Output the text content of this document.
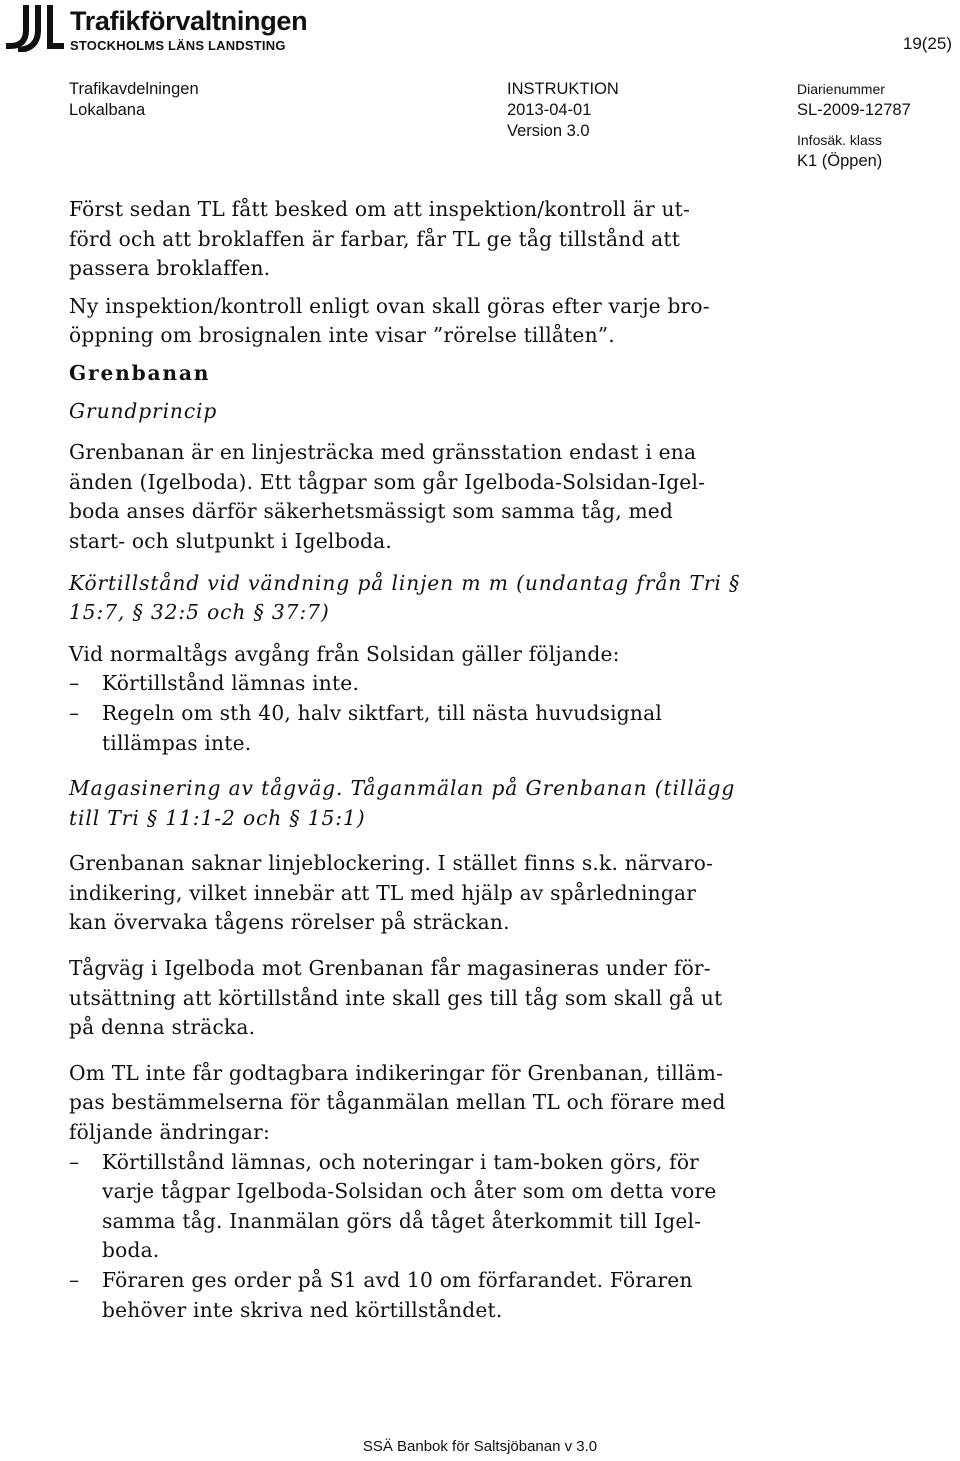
Trafikförvaltningen
STOCKHOLMS LÄNS LANDSTING	19(25)
Trafikavdelningen
Lokalbana
INSTRUKTION
2013-04-01
Version 3.0
Diarienummer
SL-2009-12787
Infosäk. klass
K1 (Öppen)

Först sedan TL fått besked om att inspektion/kontroll är ut-
förd och att broklaffen är farbar, får TL ge tåg tillstånd att
passera broklaffen.

Ny inspektion/kontroll enligt ovan skall göras efter varje bro-
öppning om brosignalen inte visar ”rörelse tillåten”.

Grenbanan

Grundprincip

Grenbanan är en linjesträcka med gränsstation endast i ena
änden (Igelboda). Ett tågpar som går Igelboda-Solsidan-Igel-
boda anses därför säkerhetsmässigt som samma tåg, med
start- och slutpunkt i Igelboda.

Körtillstånd vid vändning på linjen m m (undantag från Tri §
15:7, § 32:5 och § 37:7)

Vid normaltågs avgång från Solsidan gäller följande:

– Körtillstånd lämnas inte.
– Regeln om sth 40, halv siktfart, till nästa huvudsignal
tillämpas inte.

Magasinering av tågväg. Tåganmälan på Grenbanan (tillägg
till Tri § 11:1-2 och § 15:1)

Grenbanan saknar linjeblockering. I stället finns s.k. närvaro-
indikering, vilket innebär att TL med hjälp av spårledningar
kan övervaka tågens rörelser på sträckan.

Tågväg i Igelboda mot Grenbanan får magasineras under för-
utsättning att körtillstånd inte skall ges till tåg som skall gå ut
på denna sträcka.

Om TL inte får godtagbara indikeringar för Grenbanan, tilläm-
pas bestämmelserna för tåganmälan mellan TL och förare med
följande ändringar:

– Körtillstånd lämnas, och noteringar i tam-boken görs, för
varje tågpar Igelboda-Solsidan och åter som om detta vore
samma tåg. Inanmälan görs då tåget återkommit till Igel-
boda.
– Föraren ges order på S1 avd 10 om förfarandet. Föraren
behöver inte skriva ned körtillståndet.
SSÄ Banbok för Saltsjöbanan v 3.0
